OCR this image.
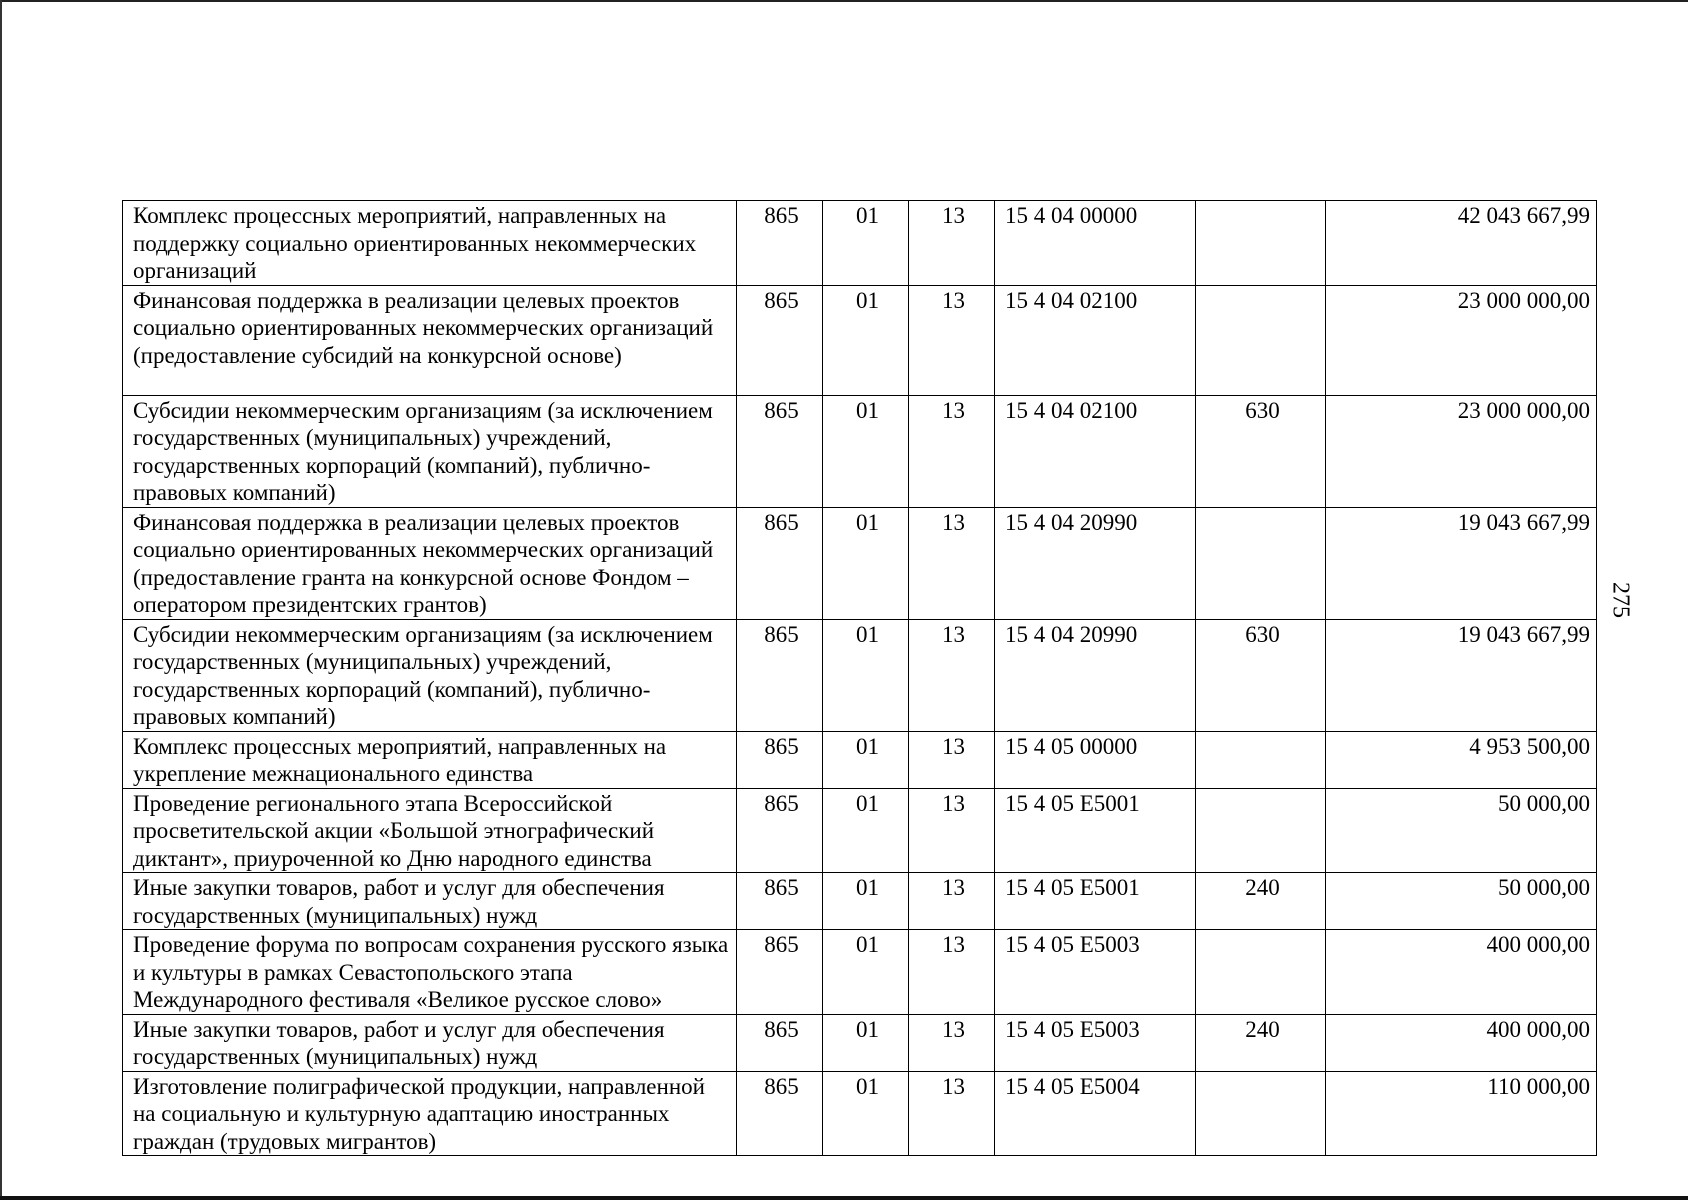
Комплекс процессных мероприятий, направленных на поддержку социально ориентированных некоммерческих организаций	865	01	13	15 4 04 00000		42 043 667,99
Финансовая поддержка в реализации целевых проектов социально ориентированных некоммерческих организаций (предоставление субсидий на конкурсной основе)	865	01	13	15 4 04 02100		23 000 000,00
Субсидии некоммерческим организациям (за исключением государственных (муниципальных) учреждений, государственных корпораций (компаний), публично-правовых компаний)	865	01	13	15 4 04 02100	630	23 000 000,00
Финансовая поддержка в реализации целевых проектов социально ориентированных некоммерческих организаций (предоставление гранта на конкурсной основе Фондом – оператором президентских грантов)	865	01	13	15 4 04 20990		19 043 667,99
Субсидии некоммерческим организациям (за исключением государственных (муниципальных) учреждений, государственных корпораций (компаний), публично-правовых компаний)	865	01	13	15 4 04 20990	630	19 043 667,99
Комплекс процессных мероприятий, направленных на укрепление межнационального единства	865	01	13	15 4 05 00000		4 953 500,00
Проведение регионального этапа Всероссийской просветительской акции «Большой этнографический диктант», приуроченной ко Дню народного единства	865	01	13	15 4 05 E5001		50 000,00
Иные закупки товаров, работ и услуг для обеспечения государственных (муниципальных) нужд	865	01	13	15 4 05 E5001	240	50 000,00
Проведение форума по вопросам сохранения русского языка и культуры в рамках Севастопольского этапа Международного фестиваля «Великое русское слово»	865	01	13	15 4 05 E5003		400 000,00
Иные закупки товаров, работ и услуг для обеспечения государственных (муниципальных) нужд	865	01	13	15 4 05 E5003	240	400 000,00
Изготовление полиграфической продукции, направленной на социальную и культурную адаптацию иностранных граждан (трудовых мигрантов)	865	01	13	15 4 05 E5004		110 000,00
275
